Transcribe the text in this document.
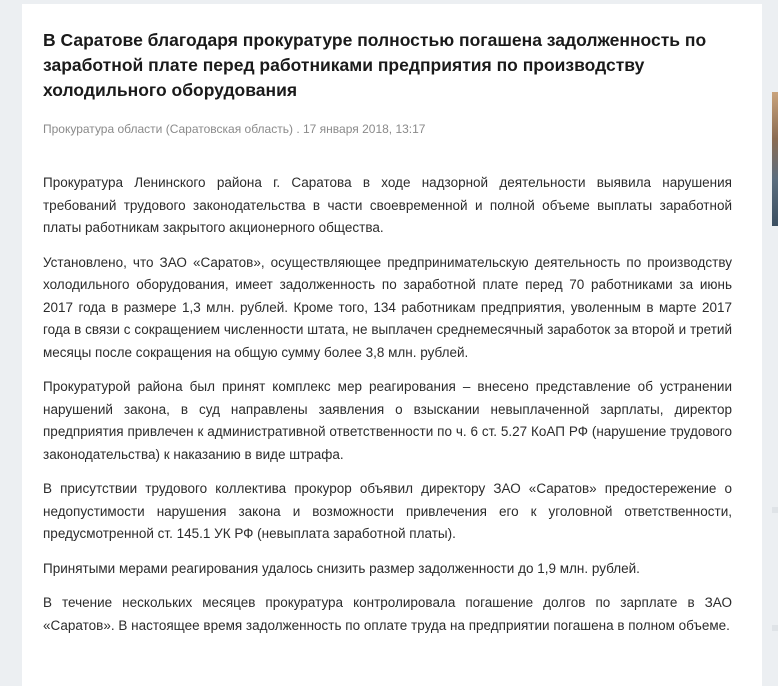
В Саратове благодаря прокуратуре полностью погашена задолженность по заработной плате перед работниками предприятия по производству холодильного оборудования
Прокуратура области (Саратовская область) . 17 января 2018, 13:17

Прокуратура Ленинского района г. Саратова в ходе надзорной деятельности выявила нарушения требований трудового законодательства в части своевременной и полной объеме выплаты заработной платы работникам закрытого акционерного общества.

Установлено, что ЗАО «Саратов», осуществляющее предпринимательскую деятельность по производству холодильного оборудования, имеет задолженность по заработной плате перед 70 работниками за июнь 2017 года в размере 1,3 млн. рублей. Кроме того, 134 работникам предприятия, уволенным в марте 2017 года в связи с сокращением численности штата, не выплачен среднемесячный заработок за второй и третий месяцы после сокращения на общую сумму более 3,8 млн. рублей.

Прокуратурой района был принят комплекс мер реагирования – внесено представление об устранении нарушений закона, в суд направлены заявления о взыскании невыплаченной зарплаты, директор предприятия привлечен к административной ответственности по ч. 6 ст. 5.27 КоАП РФ (нарушение трудового законодательства) к наказанию в виде штрафа.

В присутствии трудового коллектива прокурор объявил директору ЗАО «Саратов» предостережение о недопустимости нарушения закона и возможности привлечения его к уголовной ответственности, предусмотренной ст. 145.1 УК РФ (невыплата заработной платы).

Принятыми мерами реагирования удалось снизить размер задолженности до 1,9 млн. рублей.

В течение нескольких месяцев прокуратура контролировала погашение долгов по зарплате в ЗАО «Саратов». В настоящее время задолженность по оплате труда на предприятии погашена в полном объеме.
